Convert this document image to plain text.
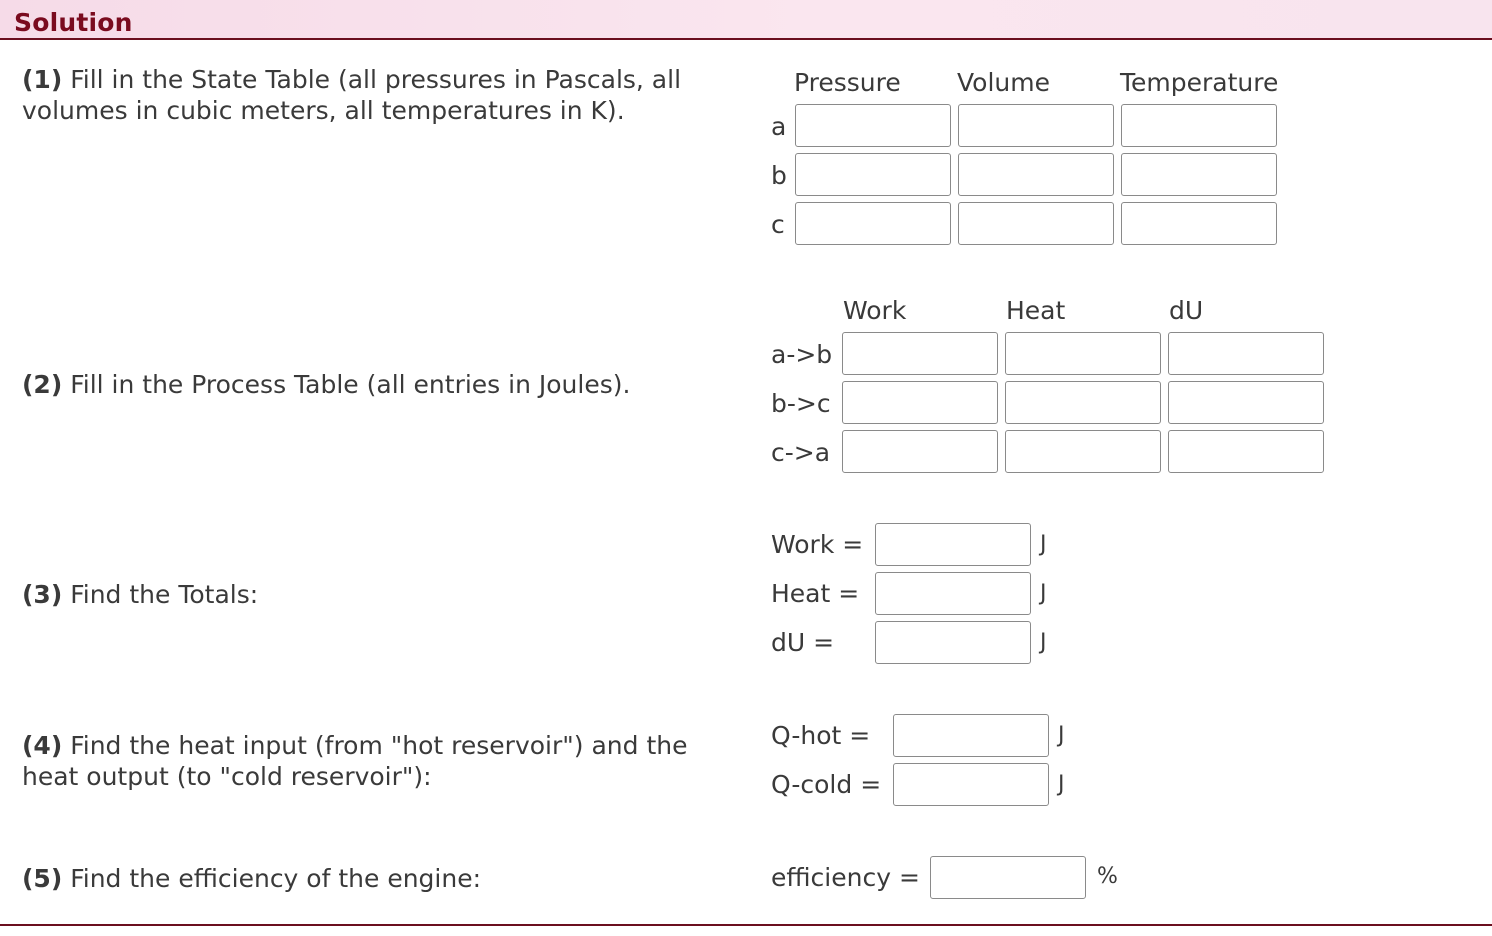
Solution
(1) Fill in the State Table (all pressures in Pascals, all volumes in cubic meters, all temperatures in K).
Pressure Volume	Temperature
a
b
c
(2) Fill in the Process Table (all entries in Joules).
Work	Heat	dU
a->b
b->c
c->a
(3) Find the Totals:
Work =	J
Heat =	J
dU =	J
(4) Find the heat input (from "hot reservoir") and the heat output (to "cold reservoir"):
Q-hot =	J
Q-cold =	J
(5) Find the efficiency of the engine:	efficiency =	%
